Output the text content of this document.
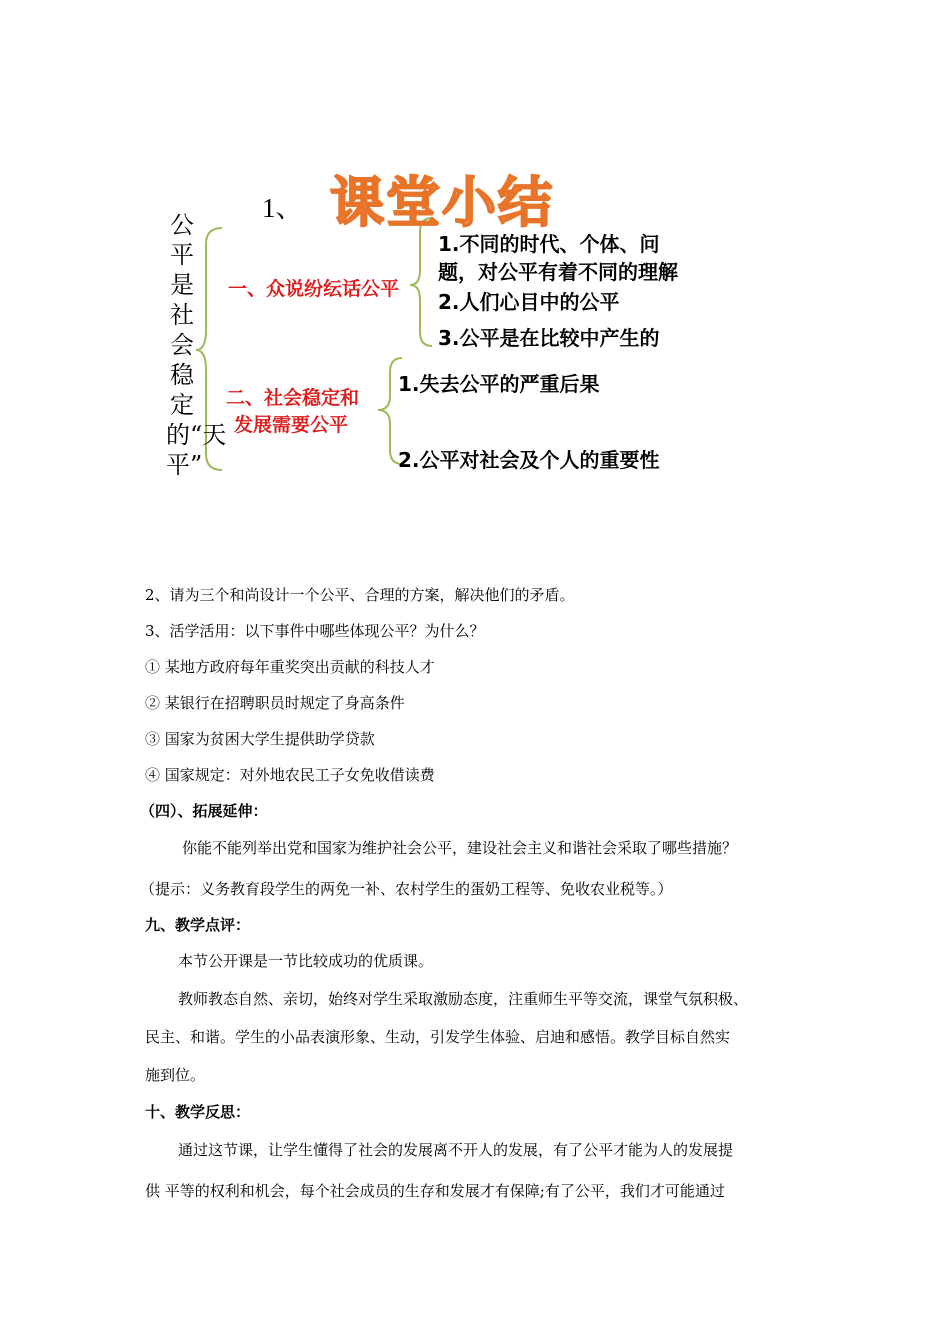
1、 课堂小结
公平是社会稳定的“天平”
一、众说纷纭话公平
1.不同的时代、个体、问
题，对公平有着不同的理解
2.人们心目中的公平
3.公平是在比较中产生的
二、社会稳定和
发展需要公平
1.失去公平的严重后果
2.公平对社会及个人的重要性
2、请为三个和尚设计一个公平、合理的方案，解决他们的矛盾。
3、活学活用：以下事件中哪些体现公平？为什么？
① 某地方政府每年重奖突出贡献的科技人才
② 某银行在招聘职员时规定了身高条件
③ 国家为贫困大学生提供助学贷款
④ 国家规定：对外地农民工子女免收借读费
（四）、拓展延伸：
你能不能列举出党和国家为维护社会公平，建设社会主义和谐社会采取了哪些措施？
（提示：义务教育段学生的两免一补、农村学生的蛋奶工程等、免收农业税等。）
九、教学点评：
本节公开课是一节比较成功的优质课。
教师教态自然、亲切，始终对学生采取激励态度，注重师生平等交流，课堂气氛积极、
民主、和谐。学生的小品表演形象、生动，引发学生体验、启迪和感悟。教学目标自然实
施到位。
十、教学反思：
通过这节课，让学生懂得了社会的发展离不开人的发展，有了公平才能为人的发展提
供 平等的权利和机会，每个社会成员的生存和发展才有保障;有了公平，我们才可能通过
